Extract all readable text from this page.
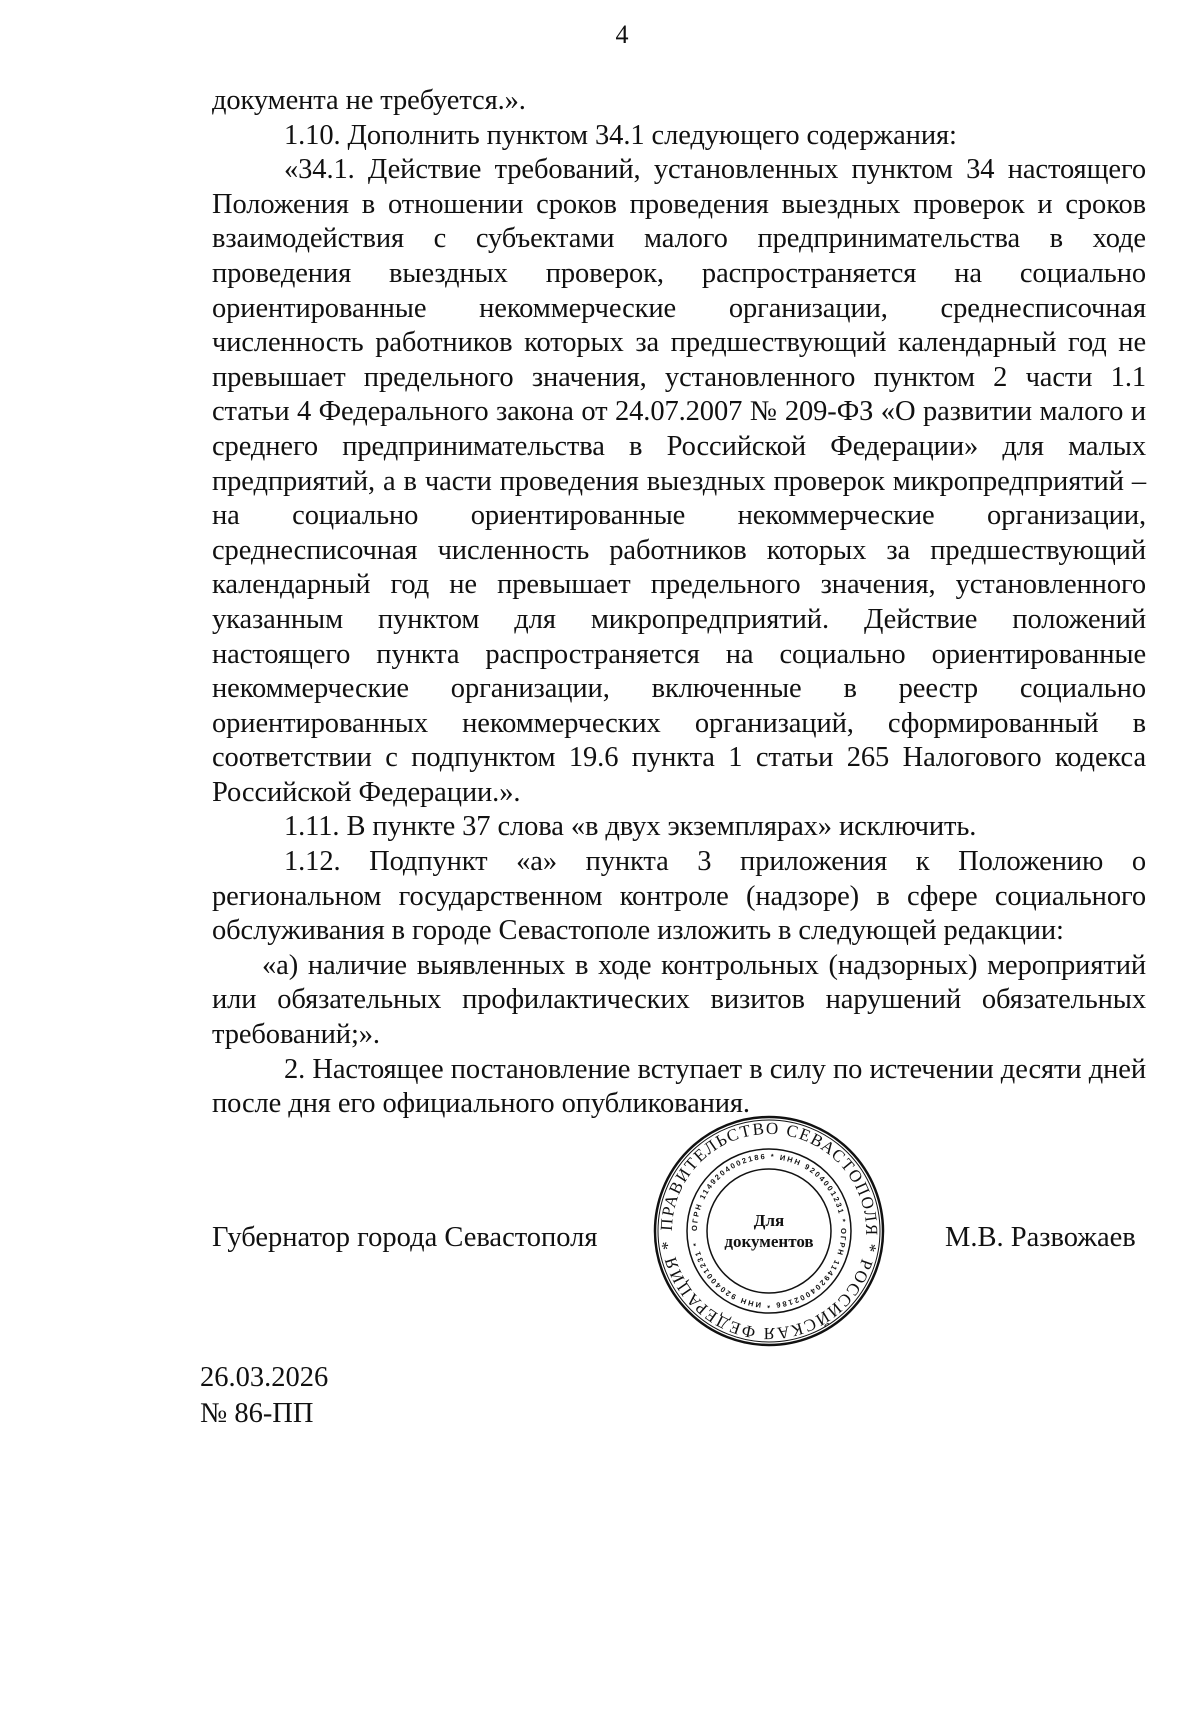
4

документа не требуется.».

1.10. Дополнить пунктом 34.1 следующего содержания:

«34.1. Действие требований, установленных пунктом 34 настоящего Положения в отношении сроков проведения выездных проверок и сроков взаимодействия с субъектами малого предпринимательства в ходе проведения выездных проверок, распространяется на социально ориентированные некоммерческие организации, среднесписочная численность работников которых за предшествующий календарный год не превышает предельного значения, установленного пунктом 2 части 1.1 статьи 4 Федерального закона от 24.07.2007 № 209-ФЗ «О развитии малого и среднего предпринимательства в Российской Федерации» для малых предприятий, а в части проведения выездных проверок микропредприятий – на социально ориентированные некоммерческие организации, среднесписочная численность работников которых за предшествующий календарный год не превышает предельного значения, установленного указанным пунктом для микропредприятий. Действие положений настоящего пункта распространяется на социально ориентированные некоммерческие организации, включенные в реестр социально ориентированных некоммерческих организаций, сформированный в соответствии с подпунктом 19.6 пункта 1 статьи 265 Налогового кодекса Российской Федерации.».

1.11. В пункте 37 слова «в двух экземплярах» исключить.

1.12. Подпункт «а» пункта 3 приложения к Положению о региональном государственном контроле (надзоре) в сфере социального обслуживания в городе Севастополе изложить в следующей редакции:

«а) наличие выявленных в ходе контрольных (надзорных) мероприятий или обязательных профилактических визитов нарушений обязательных требований;».

2. Настоящее постановление вступает в силу по истечении десяти дней после дня его официального опубликования.

Губернатор города Севастополя	ПРАВИТЕЛЬСТВО СЕВАСТОПОЛЯ * РОССИЙСКАЯ ФЕДЕРАЦИЯ *
ОГРН 1149204002186 * ИНН 9204001231 * ОГРН 1149204002186 * ИНН 9204001231 *
Для
документов	М.В. Развожаев
26.03.2026
№ 86-ПП
